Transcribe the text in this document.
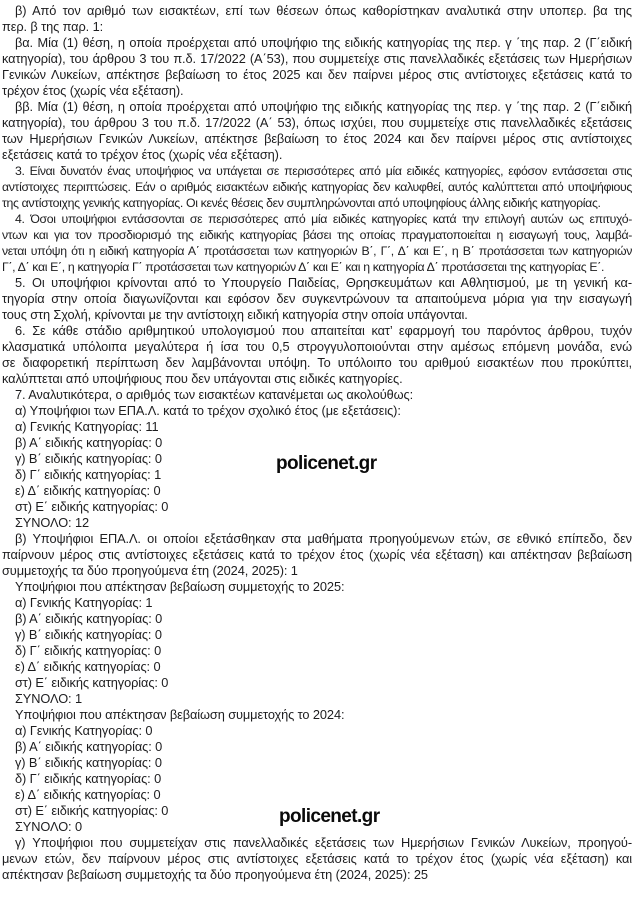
β) Από τον αριθμό των εισακτέων, επί των θέσεων όπως καθορίστηκαν αναλυτικά στην υποπερ. βα της
περ. β της παρ. 1:
βα. Μία (1) θέση, η οποία προέρχεται από υποψήφιο της ειδικής κατηγορίας της περ. γ ΄της παρ. 2 (Γ΄ειδική
κατηγορία), του άρθρου 3 του π.δ. 17/2022 (Α΄53), που συμμετείχε στις πανελλαδικές εξετάσεις των Ημερήσιων
Γενικών Λυκείων, απέκτησε βεβαίωση το έτος 2025 και δεν παίρνει μέρος στις αντίστοιχες εξετάσεις κατά το
τρέχον έτος (χωρίς νέα εξέταση).
ββ. Μία (1) θέση, η οποία προέρχεται από υποψήφιο της ειδικής κατηγορίας της περ. γ ΄της παρ. 2 (Γ΄ειδική
κατηγορία), του άρθρου 3 του π.δ. 17/2022 (Α΄ 53), όπως ισχύει, που συμμετείχε στις πανελλαδικές εξετάσεις
των Ημερήσιων Γενικών Λυκείων, απέκτησε βεβαίωση το έτος 2024 και δεν παίρνει μέρος στις αντίστοιχες
εξετάσεις κατά το τρέχον έτος (χωρίς νέα εξέταση).
3. Είναι δυνατόν ένας υποψήφιος να υπάγεται σε περισσότερες από μία ειδικές κατηγορίες, εφόσον εντάσσεται στις
αντίστοιχες περιπτώσεις. Εάν ο αριθμός εισακτέων ειδικής κατηγορίας δεν καλυφθεί, αυτός καλύπτεται από υποψήφιους
της αντίστοιχης γενικής κατηγορίας. Οι κενές θέσεις δεν συμπληρώνονται από υποψηφίους άλλης ειδικής κατηγορίας.
4. Όσοι υποψήφιοι εντάσσονται σε περισσότερες από μία ειδικές κατηγορίες κατά την επιλογή αυτών ως επιτυχό-
ντων και για τον προσδιορισμό της ειδικής κατηγορίας βάσει της οποίας πραγματοποιείται η εισαγωγή τους, λαμβά-
νεται υπόψη ότι η ειδική κατηγορία Α΄ προτάσσεται των κατηγοριών Β΄, Γ΄, Δ΄ και Ε΄, η Β΄ προτάσσεται των κατηγοριών
Γ΄, Δ΄ και Ε΄, η κατηγορία Γ΄ προτάσσεται των κατηγοριών Δ΄ και Ε΄ και η κατηγορία Δ΄ προτάσσεται της κατηγορίας Ε΄.
5. Οι υποψήφιοι κρίνονται από το Υπουργείο Παιδείας, Θρησκευμάτων και Αθλητισμού, με τη γενική κα-
τηγορία στην οποία διαγωνίζονται και εφόσον δεν συγκεντρώνουν τα απαιτούμενα μόρια για την εισαγωγή
τους στη Σχολή, κρίνονται με την αντίστοιχη ειδική κατηγορία στην οποία υπάγονται.
6. Σε κάθε στάδιο αριθμητικού υπολογισμού που απαιτείται κατ’ εφαρμογή του παρόντος άρθρου, τυχόν
κλασματικά υπόλοιπα μεγαλύτερα ή ίσα του 0,5 στρογγυλοποιούνται στην αμέσως επόμενη μονάδα, ενώ
σε διαφορετική περίπτωση δεν λαμβάνονται υπόψη. Το υπόλοιπο του αριθμού εισακτέων που προκύπτει,
καλύπτεται από υποψήφιους που δεν υπάγονται στις ειδικές κατηγορίες.
7. Αναλυτικότερα, ο αριθμός των εισακτέων κατανέμεται ως ακολούθως:
α) Υποψήφιοι των ΕΠΑ.Λ. κατά το τρέχον σχολικό έτος (με εξετάσεις):
α) Γενικής Κατηγορίας: 11
β) Α΄ ειδικής κατηγορίας: 0
γ) Β΄ ειδικής κατηγορίας: 0
δ) Γ΄ ειδικής κατηγορίας: 1
ε) Δ΄ ειδικής κατηγορίας: 0
στ) Ε΄ ειδικής κατηγορίας: 0
ΣΥΝΟΛΟ: 12
β) Υποψήφιοι ΕΠΑ.Λ. οι οποίοι εξετάσθηκαν στα μαθήματα προηγούμενων ετών, σε εθνικό επίπεδο, δεν
παίρνουν μέρος στις αντίστοιχες εξετάσεις κατά το τρέχον έτος (χωρίς νέα εξέταση) και απέκτησαν βεβαίωση
συμμετοχής τα δύο προηγούμενα έτη (2024, 2025): 1
Υποψήφιοι που απέκτησαν βεβαίωση συμμετοχής το 2025:
α) Γενικής Κατηγορίας: 1
β) Α΄ ειδικής κατηγορίας: 0
γ) Β΄ ειδικής κατηγορίας: 0
δ) Γ΄ ειδικής κατηγορίας: 0
ε) Δ΄ ειδικής κατηγορίας: 0
στ) Ε΄ ειδικής κατηγορίας: 0
ΣΥΝΟΛΟ: 1
Υποψήφιοι που απέκτησαν βεβαίωση συμμετοχής το 2024:
α) Γενικής Κατηγορίας: 0
β) Α΄ ειδικής κατηγορίας: 0
γ) Β΄ ειδικής κατηγορίας: 0
δ) Γ΄ ειδικής κατηγορίας: 0
ε) Δ΄ ειδικής κατηγορίας: 0
στ) Ε΄ ειδικής κατηγορίας: 0
ΣΥΝΟΛΟ: 0
γ) Υποψήφιοι που συμμετείχαν στις πανελλαδικές εξετάσεις των Ημερήσιων Γενικών Λυκείων, προηγού-
μενων ετών, δεν παίρνουν μέρος στις αντίστοιχες εξετάσεις κατά το τρέχον έτος (χωρίς νέα εξέταση) και
απέκτησαν βεβαίωση συμμετοχής τα δύο προηγούμενα έτη (2024, 2025): 25
policenet.gr
policenet.gr
